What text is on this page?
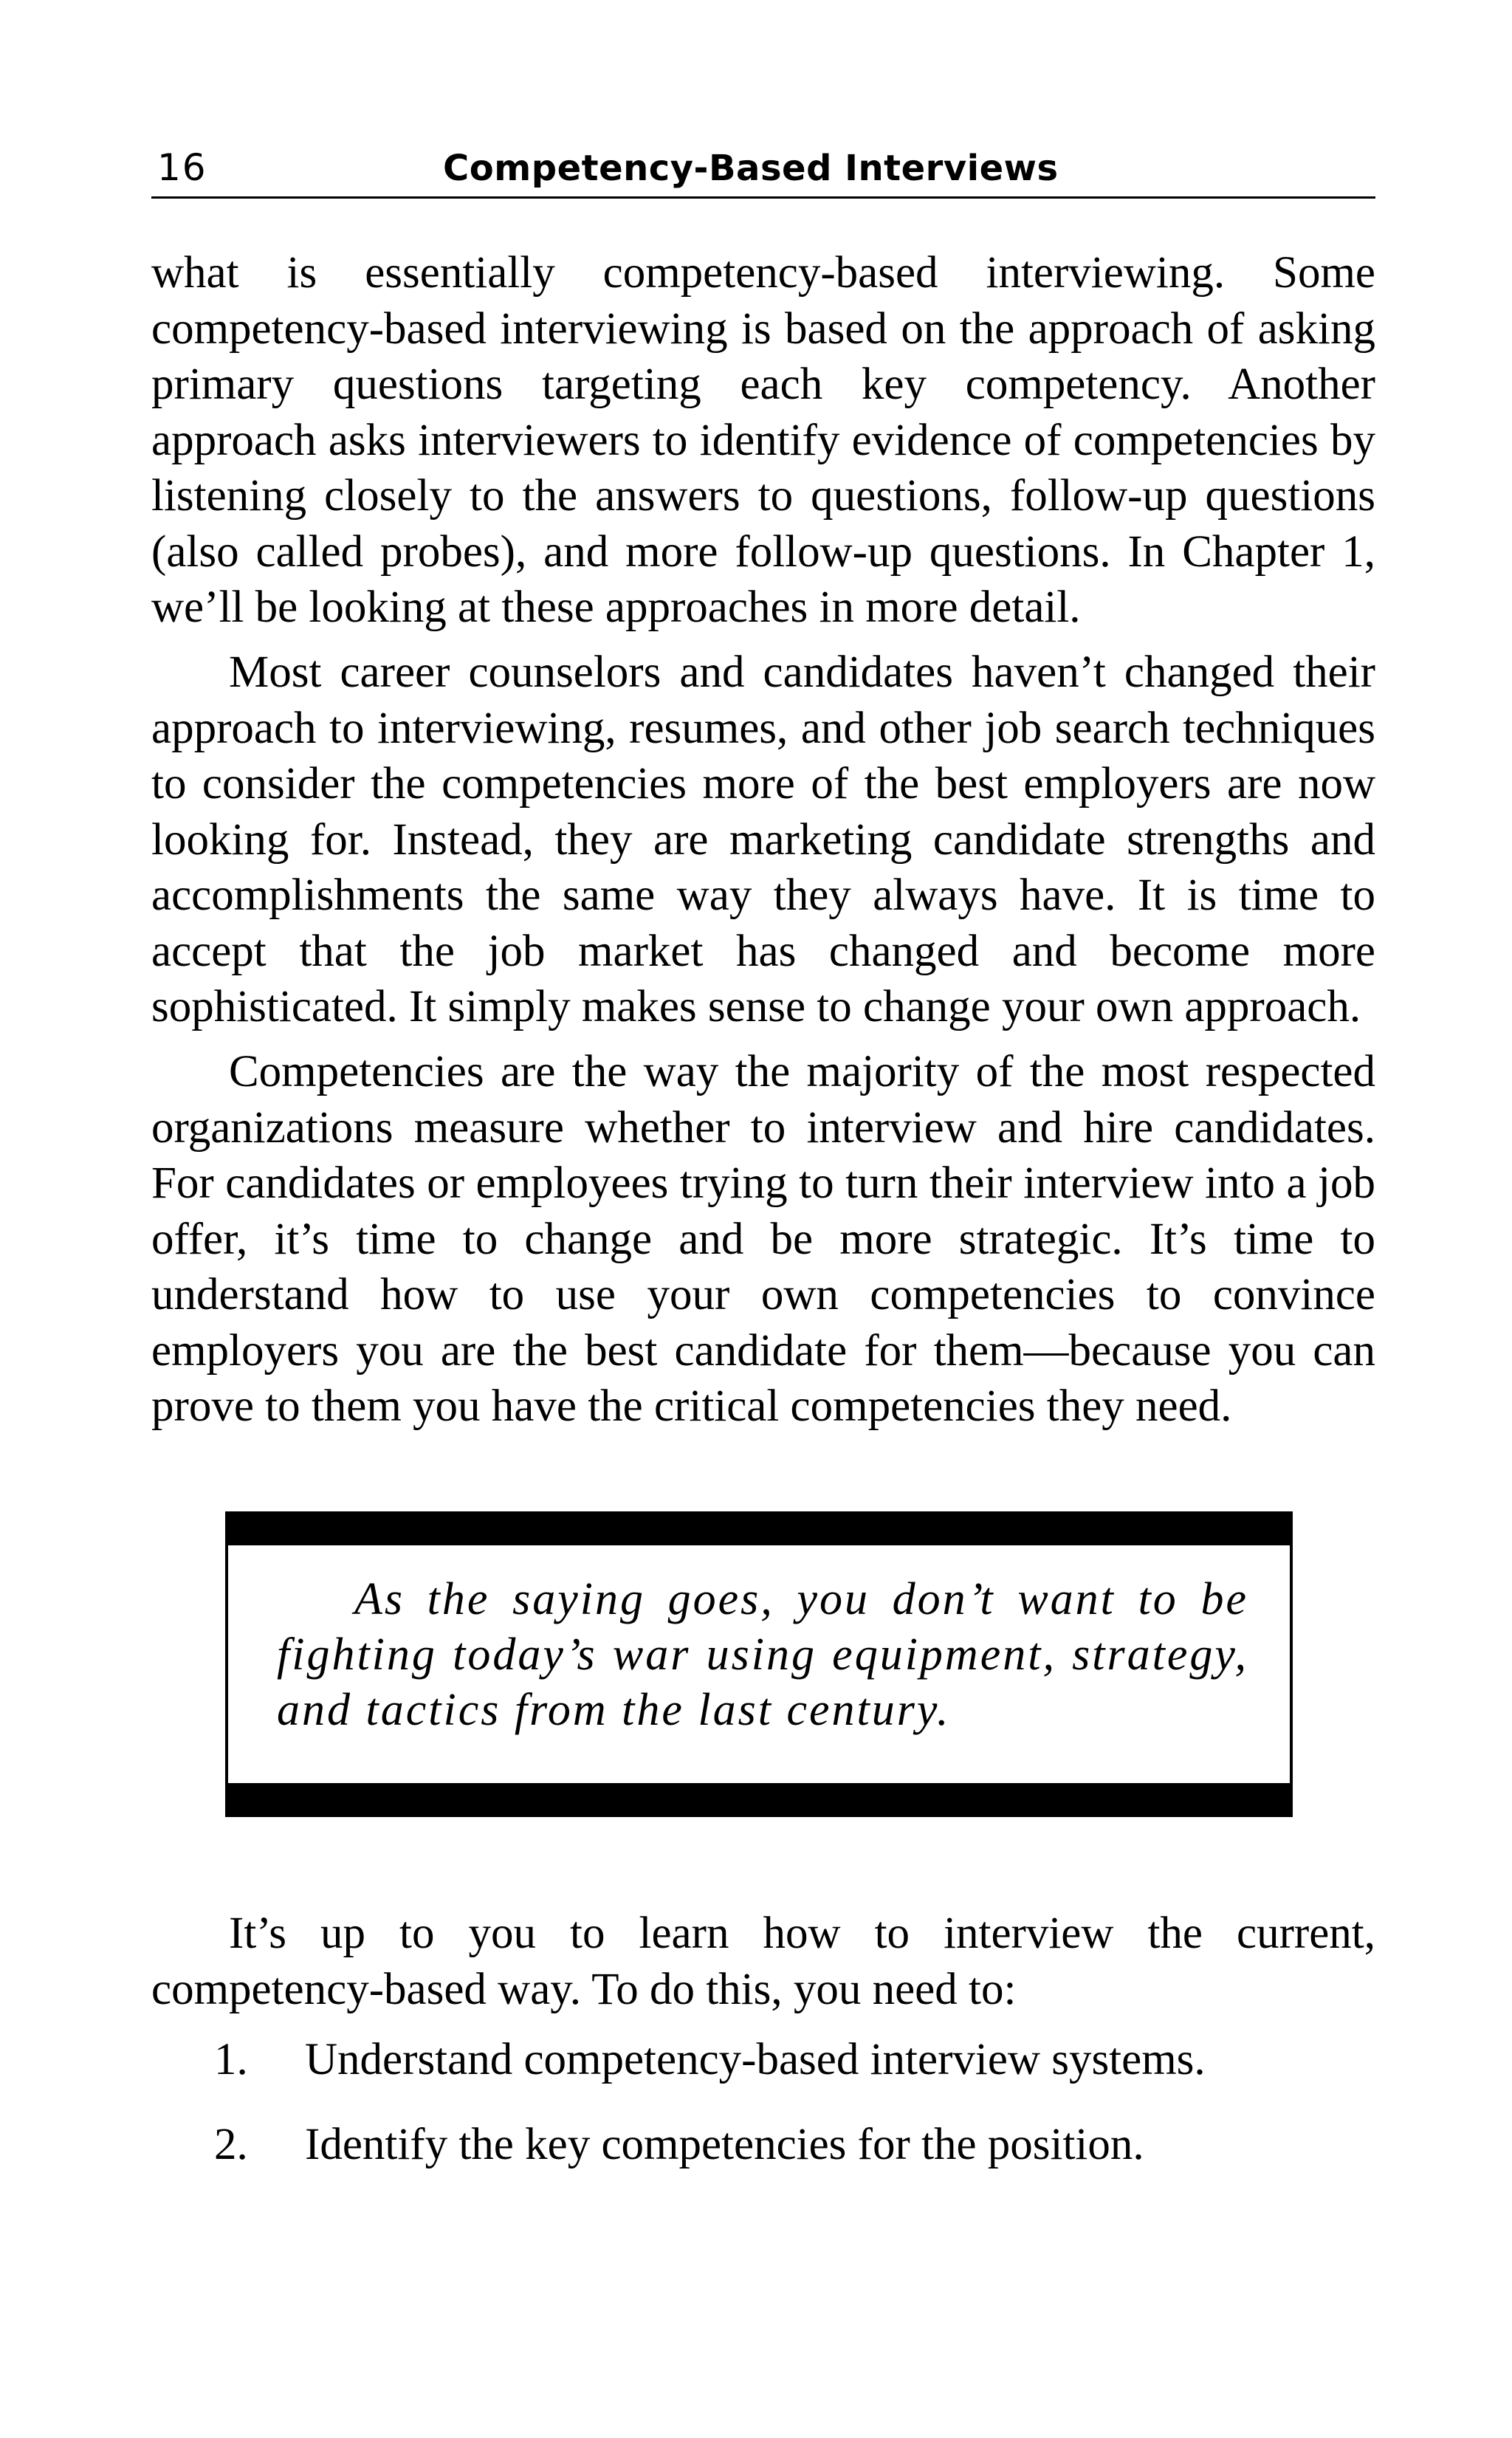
16	Competency-Based Interviews

what is essentially competency-based interviewing. Some competency-based interviewing is based on the approach of asking primary questions targeting each key competency. Another approach asks interviewers to identify evidence of competencies by listening closely to the answers to questions, follow-up questions (also called probes), and more follow-up questions. In Chapter 1, we’ll be looking at these approaches in more detail.

Most career counselors and candidates haven’t changed their approach to interviewing, resumes, and other job search techniques to consider the competencies more of the best employers are now looking for. Instead, they are marketing candidate strengths and accomplishments the same way they always have. It is time to accept that the job market has changed and become more sophisticated. It simply makes sense to change your own approach.

Competencies are the way the majority of the most respected organizations measure whether to interview and hire candidates. For candidates or employees trying to turn their interview into a job offer, it’s time to change and be more strategic. It’s time to understand how to use your own competencies to convince employers you are the best candidate for them—because you can prove to them you have the critical competencies they need.

As the saying goes, you don’t want to be fighting today’s war using equipment, strategy, and tactics from the last century.

It’s up to you to learn how to interview the current, competency-based way. To do this, you need to:

1. Understand competency-based interview systems.
2. Identify the key competencies for the position.
